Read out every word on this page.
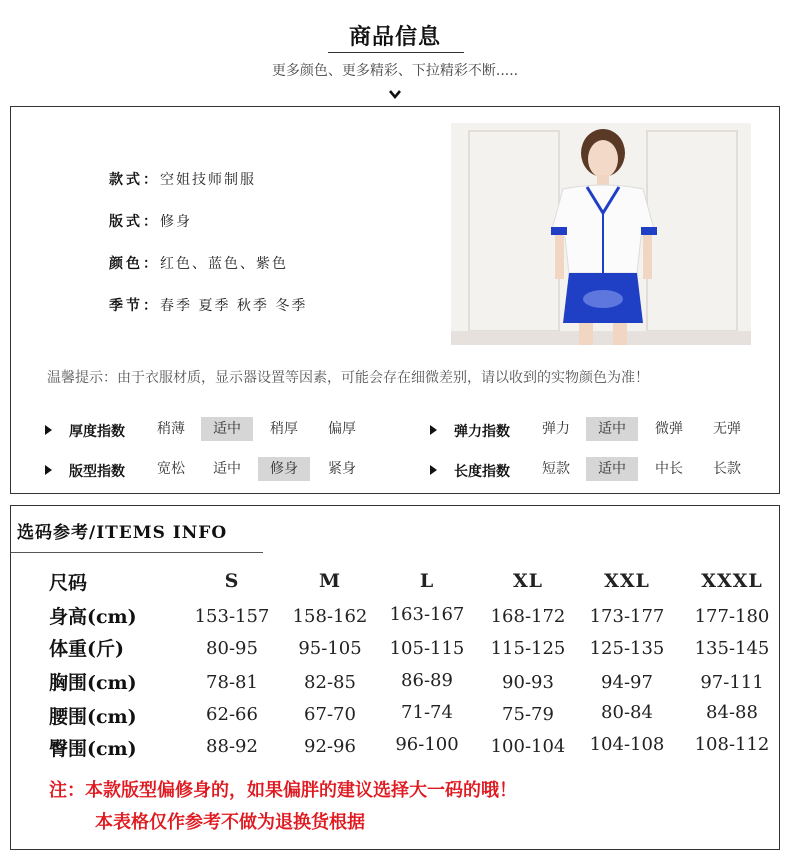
商品信息
更多颜色、更多精彩、下拉精彩不断.....
款式：空姐技师制服
版式：修身
颜色：红色、蓝色、紫色
季节：春季 夏季 秋季 冬季
温馨提示：由于衣服材质，显示器设置等因素，可能会存在细微差别，请以收到的实物颜色为准！
厚度指数	稍薄	适中	稍厚	偏厚	弹力指数	弹力	适中	微弹	无弹
版型指数	宽松	适中	修身	紧身	长度指数	短款	适中	中长	长款
选码参考/ITEMS INFO
尺码	S	M	L	XL	XXL	XXXL
身高(cm)	153-157	158-162	163-167	168-172	173-177	177-180
体重(斤)	80-95	95-105	105-115	115-125	125-135	135-145
胸围(cm)	78-81	82-85	86-89	90-93	94-97	97-111
腰围(cm)	62-66	67-70	71-74	75-79	80-84	84-88
臀围(cm)	88-92	92-96	96-100	100-104	104-108	108-112
注：本款版型偏修身的，如果偏胖的建议选择大一码的哦！
本表格仅作参考不做为退换货根据
